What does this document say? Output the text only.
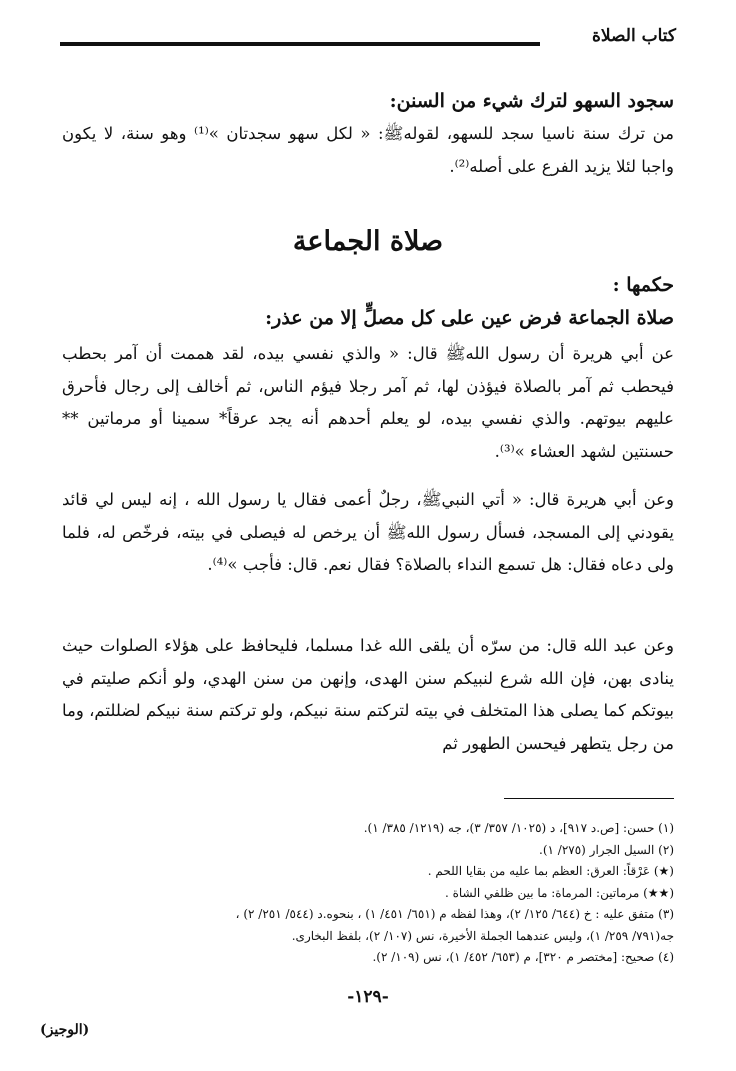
كتاب الصلاة
سجود السهو لترك شيء من السنن:
من ترك سنة ناسيا سجد للسهو، لقولهﷺ: « لكل سهو سجدتان »⁽¹⁾ وهو سنة، لا يكون واجبا لئلا يزيد الفرع على أصله⁽²⁾.
صلاة الجماعة
حكمها :
صلاة الجماعة فرض عين على كل مصلٍّ إلا من عذر:
عن أبي هريرة أن رسول اللهﷺ قال: « والذي نفسي بيده، لقد هممت أن آمر بحطب فيحطب ثم آمر بالصلاة فيؤذن لها، ثم آمر رجلا فيؤم الناس، ثم أخالف إلى رجال فأحرق عليهم بيوتهم. والذي نفسي بيده، لو يعلم أحدهم أنه يجد عرقاً* سمينا أو مرماتين ** حسنتين لشهد العشاء »⁽³⁾.
وعن أبي هريرة قال: « أتي النبيﷺ، رجلٌ أعمى فقال يا رسول الله ، إنه ليس لي قائد يقودني إلى المسجد، فسأل رسول اللهﷺ أن يرخص له فيصلى في بيته، فرخّص له، فلما ولى دعاه فقال: هل تسمع النداء بالصلاة؟ فقال نعم. قال: فأجب »⁽⁴⁾.
وعن عبد الله قال: من سرّه أن يلقى الله غدا مسلما، فليحافظ على هؤلاء الصلوات حيث ينادى بهن، فإن الله شرع لنبيكم سنن الهدى، وإنهن من سنن الهدي، ولو أنكم صليتم في بيوتكم كما يصلى هذا المتخلف في بيته لتركتم سنة نبيكم، ولو تركتم سنة نبيكم لضللتم، وما من رجل يتطهر فيحسن الطهور ثم
(١) حسن: [ص.د ٩١٧]، د (١٠٢٥/ ٣٥٧/ ٣)، جه (١٢١٩/ ٣٨٥/ ١).
(٢) السيل الجرار (٢٧٥/ ١).
(★) عَرْقاً: العرق: العظم بما عليه من بقايا اللحم .
(★★) مرماتين: المرماة: ما بين ظلفي الشاة .
(٣) متفق عليه : خ (٦٤٤/ ١٢٥/ ٢)، وهذا لفظه م (٦٥١/ ٤٥١/ ١) ، بنحوه.د (٥٤٤/ ٢٥١/ ٢) ،
جه(٧٩١/ ٢٥٩/ ١)، وليس عندهما الجملة الأخيرة، نس (١٠٧/ ٢)، بلفظ البخارى.
(٤) صحيح: [مختصر م ٣٢٠]، م (٦٥٣/ ٤٥٢/ ١)، نس (١٠٩/ ٢).
-١٢٩-
(الوجيز)
